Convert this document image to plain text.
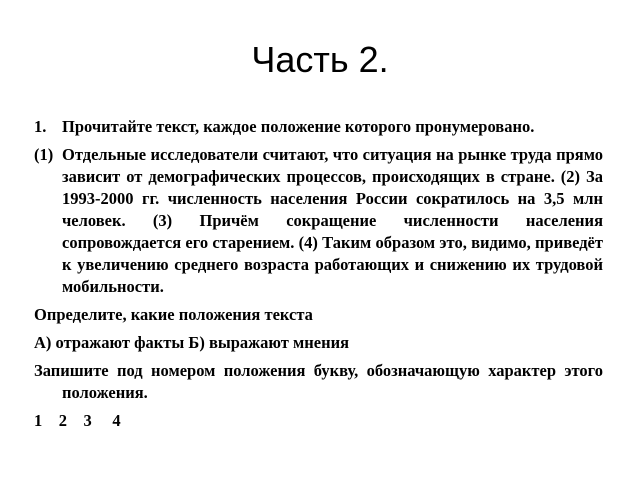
Часть 2.
1. Прочитайте текст, каждое положение которого пронумеровано.
(1) Отдельные исследователи считают, что ситуация на рынке труда прямо зависит от демографических процессов, происходящих в стране. (2) За 1993-2000 гг. численность населения России сократилось на 3,5 млн человек. (3) Причём сокращение численности населения сопровождается его старением. (4) Таким образом это, видимо, приведёт к увеличению среднего возраста работающих и снижению их трудовой мобильности.
Определите, какие положения текста
А) отражают факты Б) выражают мнения
Запишите под номером положения букву, обозначающую характер этого положения.
1    2    3     4
